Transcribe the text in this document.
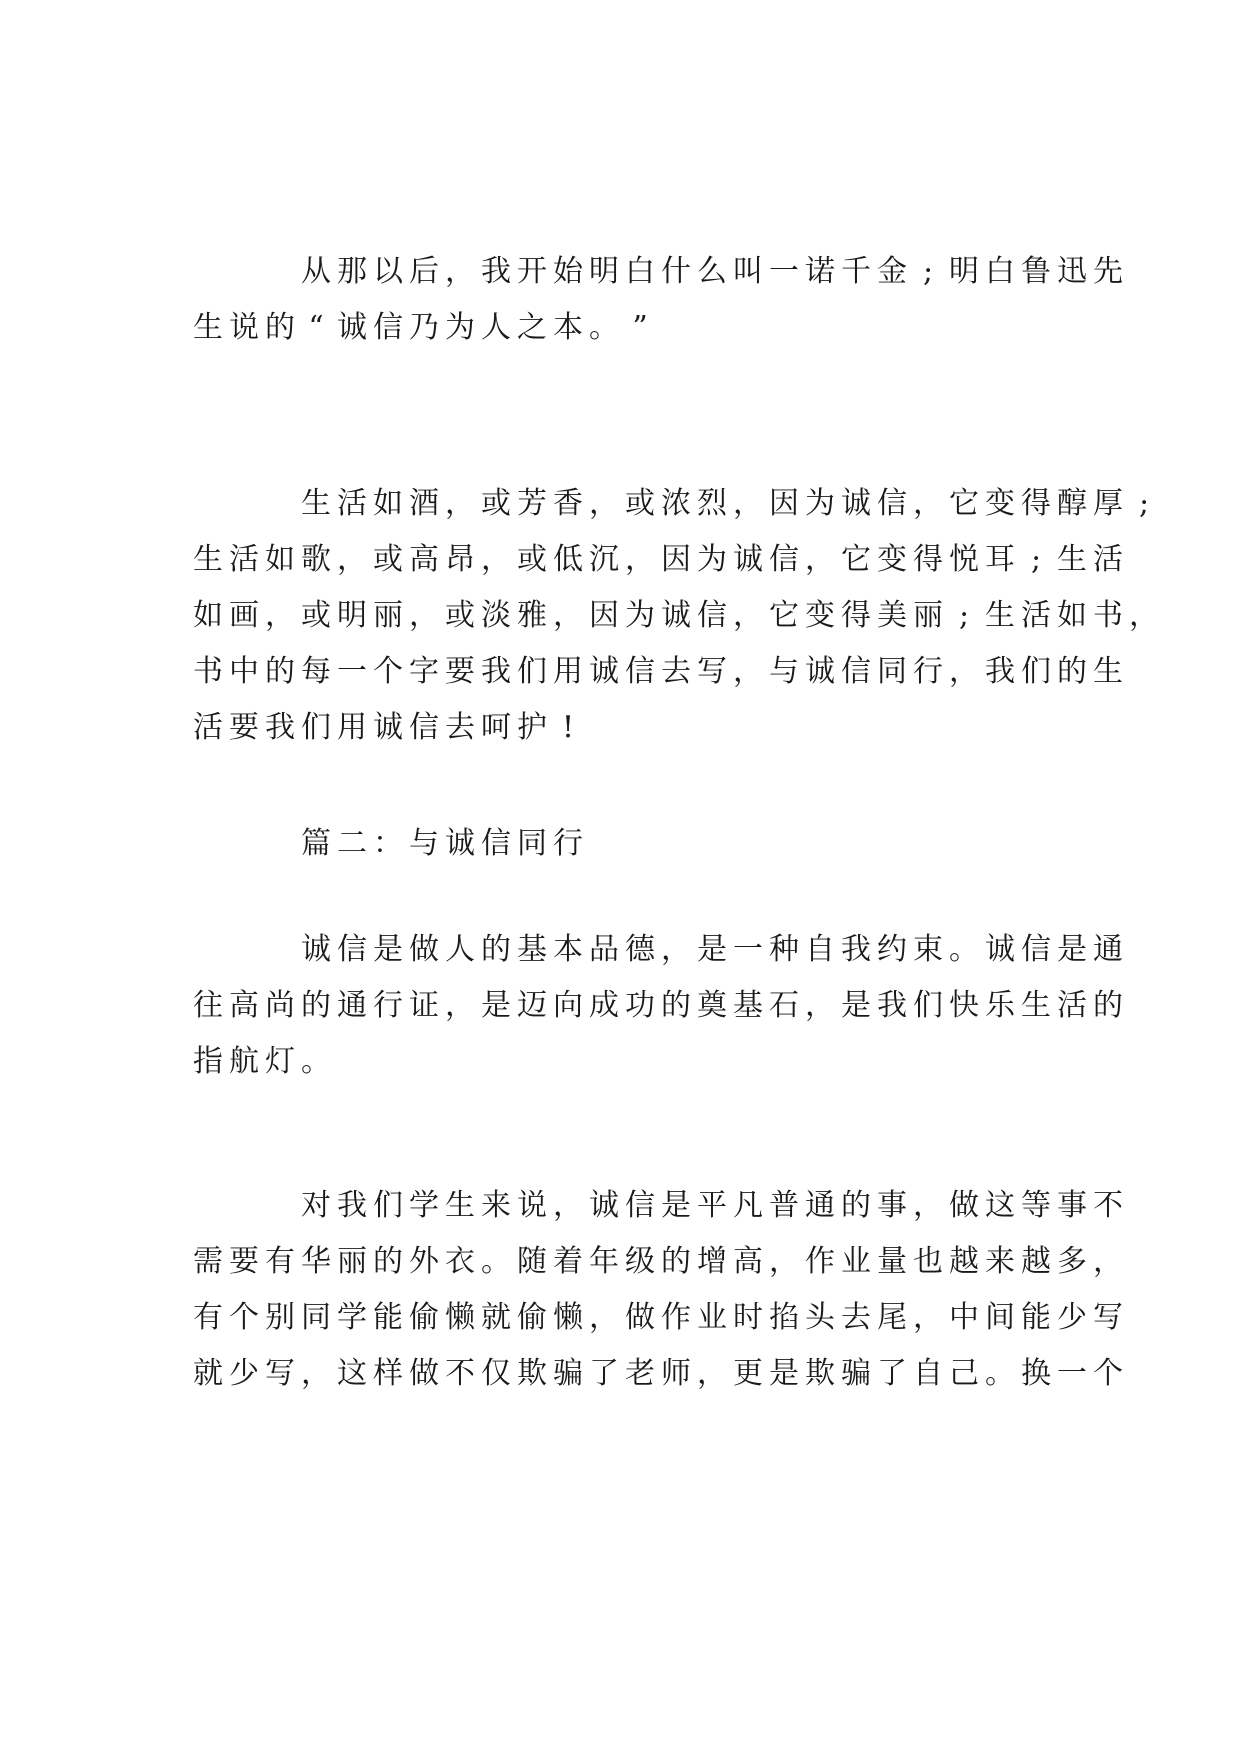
从 那 以 后 ， 我 开 始 明 白 什 么 叫 一 诺 千 金 ; 明 白 鲁 迅 先
生 说 的 “ 诚 信 乃 为 人 之 本 。 ”
生 活 如 酒 ， 或 芳 香 ， 或 浓 烈 ， 因 为 诚 信 ， 它 变 得 醇 厚 ;
生 活 如 歌 ， 或 高 昂 ， 或 低 沉 ， 因 为 诚 信 ， 它 变 得 悦 耳 ; 生 活
如 画 ， 或 明 丽 ， 或 淡 雅 ， 因 为 诚 信 ， 它 变 得 美 丽 ; 生 活 如 书 ，
书 中 的 每 一 个 字 要 我 们 用 诚 信 去 写 ， 与 诚 信 同 行 ， 我 们 的 生
活 要 我 们 用 诚 信 去 呵 护 !
篇 二 ： 与 诚 信 同 行
诚 信 是 做 人 的 基 本 品 德 ， 是 一 种 自 我 约 束 。 诚 信 是 通
往 高 尚 的 通 行 证 ， 是 迈 向 成 功 的 奠 基 石 ， 是 我 们 快 乐 生 活 的
指 航 灯 。
对 我 们 学 生 来 说 ， 诚 信 是 平 凡 普 通 的 事 ， 做 这 等 事 不
需 要 有 华 丽 的 外 衣 。 随 着 年 级 的 增 高 ， 作 业 量 也 越 来 越 多 ，
有 个 别 同 学 能 偷 懒 就 偷 懒 ， 做 作 业 时 掐 头 去 尾 ， 中 间 能 少 写
就 少 写 ， 这 样 做 不 仅 欺 骗 了 老 师 ， 更 是 欺 骗 了 自 己 。 换 一 个
